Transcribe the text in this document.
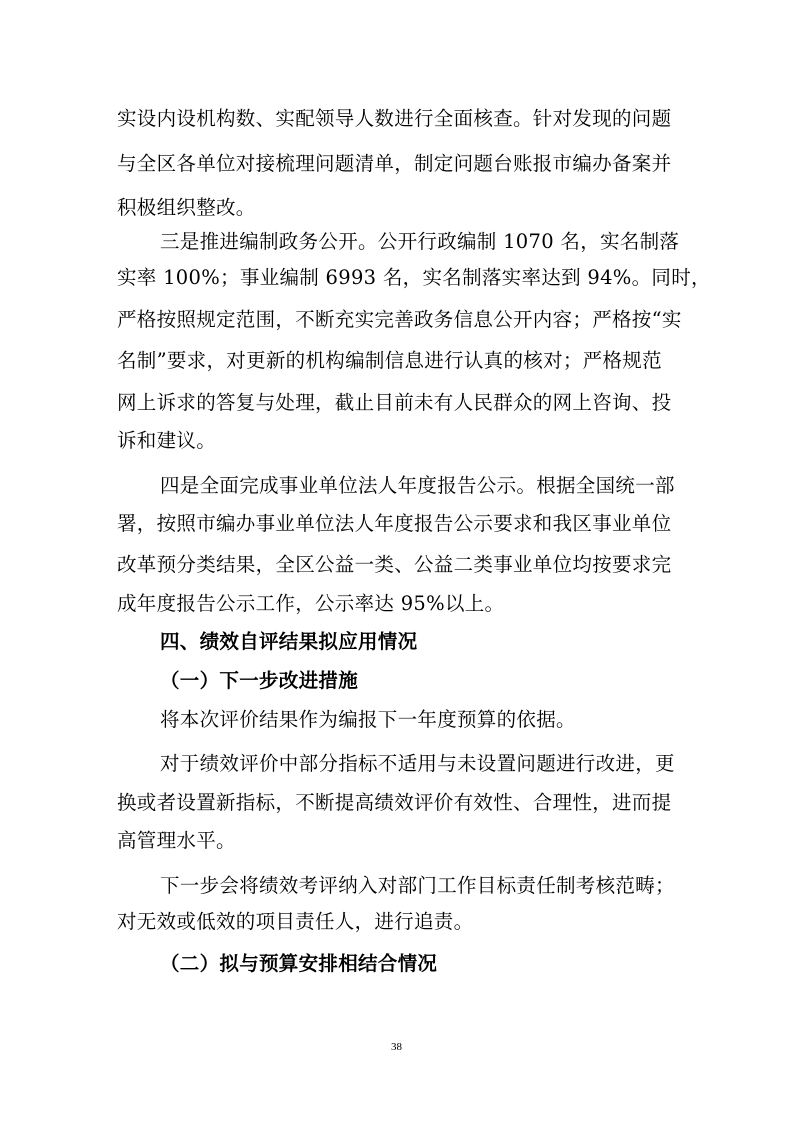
实设内设机构数、实配领导人数进行全面核查。针对发现的问题
与全区各单位对接梳理问题清单，制定问题台账报市编办备案并
积极组织整改。
三是推进编制政务公开。公开行政编制 1070 名，实名制落
实率 100%；事业编制 6993 名，实名制落实率达到 94%。同时，
严格按照规定范围，不断充实完善政务信息公开内容；严格按“实
名制”要求，对更新的机构编制信息进行认真的核对；严格规范
网上诉求的答复与处理，截止目前未有人民群众的网上咨询、投
诉和建议。
四是全面完成事业单位法人年度报告公示。根据全国统一部
署，按照市编办事业单位法人年度报告公示要求和我区事业单位
改革预分类结果，全区公益一类、公益二类事业单位均按要求完
成年度报告公示工作，公示率达 95%以上。
四、绩效自评结果拟应用情况
（一）下一步改进措施
将本次评价结果作为编报下一年度预算的依据。
对于绩效评价中部分指标不适用与未设置问题进行改进，更
换或者设置新指标，不断提高绩效评价有效性、合理性，进而提
高管理水平。
下一步会将绩效考评纳入对部门工作目标责任制考核范畴；
对无效或低效的项目责任人，进行追责。
（二）拟与预算安排相结合情况
38
